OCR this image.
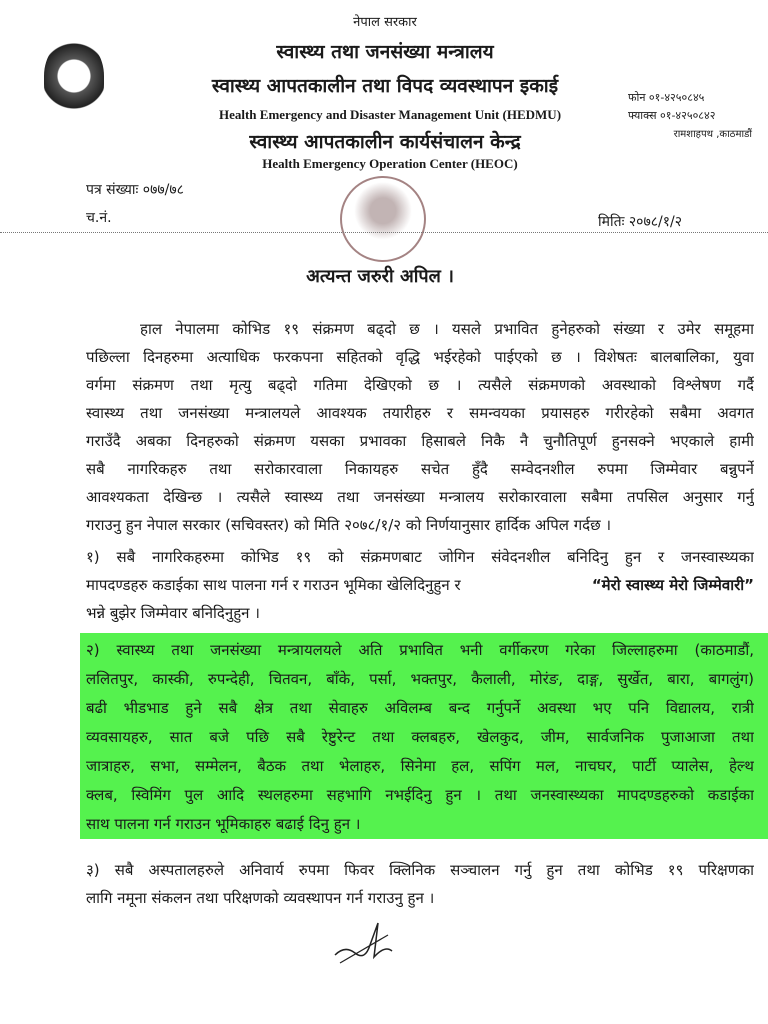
नेपाल सरकार
स्वास्थ्य तथा जनसंख्या मन्त्रालय
स्वास्थ्य आपतकालीन तथा विपद व्यवस्थापन इकाई
Health Emergency and Disaster Management Unit (HEDMU)
स्वास्थ्य आपतकालीन कार्यसंचालन केन्द्र
Health Emergency Operation Center (HEOC)
फोन ०१-४२५०८४५
फ्याक्स ०१-४२५०८४२
रामशाहपथ ,काठमाडौं
पत्र संख्याः ०७७/७८
च.नं.	मितिः २०७८/१/२
अत्यन्त जरुरी अपिल ।
हाल नेपालमा कोभिड १९ संक्रमण बढ्दो छ । यसले प्रभावित हुनेहरुको संख्या र उमेर समूहमा
पछिल्ला दिनहरुमा अत्याधिक फरकपना सहितको वृद्धि भईरहेको पाईएको छ । विशेषतः बालबालिका, युवा
वर्गमा संक्रमण तथा मृत्यु बढ्दो गतिमा देखिएको छ । त्यसैले संक्रमणको अवस्थाको विश्लेषण गर्दै
स्वास्थ्य तथा जनसंख्या मन्त्रालयले आवश्यक तयारीहरु र समन्वयका प्रयासहरु गरीरहेको सबैमा अवगत
गराउँदै अबका दिनहरुको संक्रमण यसका प्रभावका हिसाबले निकै नै चुनौतिपूर्ण हुनसक्ने भएकाले हामी
सबै नागरिकहरु तथा सरोकारवाला निकायहरु सचेत हुँदै सम्वेदनशील रुपमा जिम्मेवार बन्नुपर्ने
आवश्यकता देखिन्छ । त्यसैले स्वास्थ्य तथा जनसंख्या मन्त्रालय सरोकारवाला सबैमा तपसिल अनुसार गर्नु
गराउनु हुन नेपाल सरकार (सचिवस्तर) को मिति २०७८/१/२ को निर्णयानुसार हार्दिक अपिल गर्दछ ।
१) सबै नागरिकहरुमा कोभिड १९ को संक्रमणबाट जोगिन संवेदनशील बनिदिनु हुन र जनस्वास्थ्यका
मापदण्डहरु कडाईका साथ पालना गर्न र गराउन भूमिका खेलिदिनुहुन र	“मेरो स्वास्थ्य मेरो जिम्मेवारी”
भन्ने बुझेर जिम्मेवार बनिदिनुहुन ।
२) स्वास्थ्य तथा जनसंख्या मन्त्रायलयले अति प्रभावित भनी वर्गीकरण गरेका जिल्लाहरुमा (काठमाडौं,
ललितपुर, कास्की, रुपन्देही, चितवन, बाँके, पर्सा, भक्तपुर, कैलाली, मोरंङ, दाङ्ग, सुर्खेत, बारा, बागलुंग)
बढी भीडभाड हुने सबै क्षेत्र तथा सेवाहरु अविलम्ब बन्द गर्नुपर्ने अवस्था भए पनि विद्यालय, रात्री
व्यवसायहरु, सात बजे पछि सबै रेष्टुरेन्ट तथा क्लबहरु, खेलकुद, जीम, सार्वजनिक पुजाआजा तथा
जात्राहरु, सभा, सम्मेलन, बैठक तथा भेलाहरु, सिनेमा हल, सपिंग मल, नाचघर, पार्टी प्यालेस, हेल्थ
क्लब, स्विमिंग पुल आदि स्थलहरुमा सहभागि नभईदिनु हुन । तथा जनस्वास्थ्यका मापदण्डहरुको कडाईका
साथ पालना गर्न गराउन भूमिकाहरु बढाई दिनु हुन ।
३) सबै अस्पतालहरुले अनिवार्य रुपमा फिवर क्लिनिक सञ्चालन गर्नु हुन तथा कोभिड १९ परिक्षणका
लागि नमूना संकलन तथा परिक्षणको व्यवस्थापन गर्न गराउनु हुन ।
